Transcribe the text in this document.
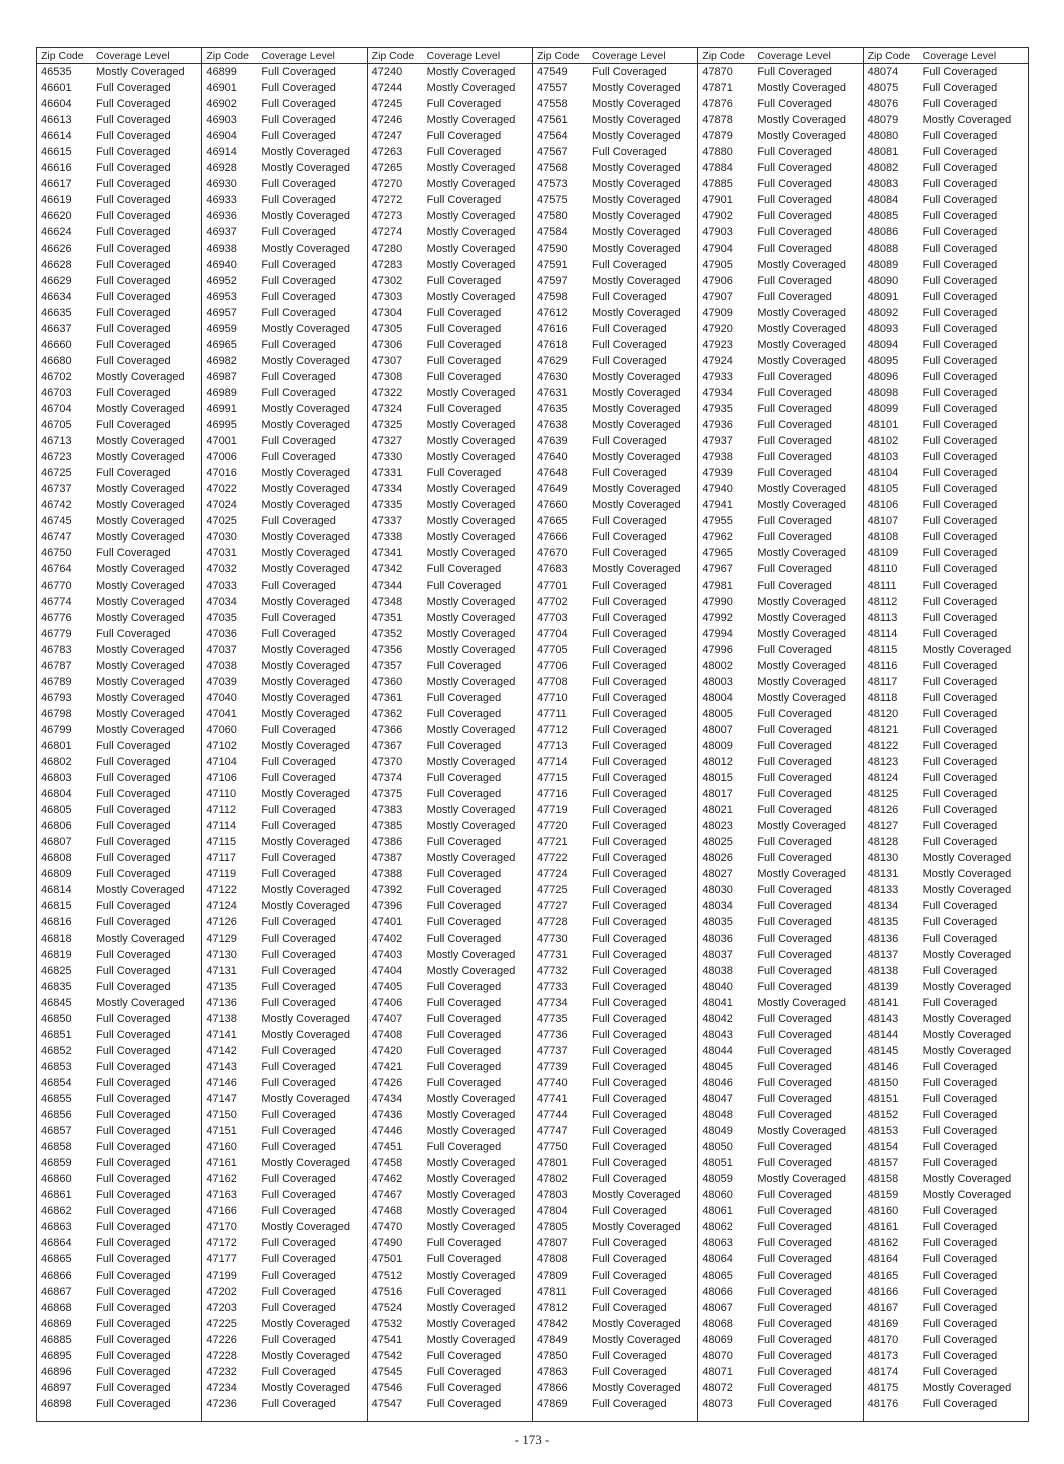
Zip Code	Coverage Level
46535	Mostly Coveraged
46601	Full Coveraged
46604	Full Coveraged
46613	Full Coveraged
46614	Full Coveraged
46615	Full Coveraged
46616	Full Coveraged
46617	Full Coveraged
46619	Full Coveraged
46620	Full Coveraged
46624	Full Coveraged
46626	Full Coveraged
46628	Full Coveraged
46629	Full Coveraged
46634	Full Coveraged
46635	Full Coveraged
46637	Full Coveraged
46660	Full Coveraged
46680	Full Coveraged
46702	Mostly Coveraged
46703	Full Coveraged
46704	Mostly Coveraged
46705	Full Coveraged
46713	Mostly Coveraged
46723	Mostly Coveraged
46725	Full Coveraged
46737	Mostly Coveraged
46742	Mostly Coveraged
46745	Mostly Coveraged
46747	Mostly Coveraged
46750	Full Coveraged
46764	Mostly Coveraged
46770	Mostly Coveraged
46774	Mostly Coveraged
46776	Mostly Coveraged
46779	Full Coveraged
46783	Mostly Coveraged
46787	Mostly Coveraged
46789	Mostly Coveraged
46793	Mostly Coveraged
46798	Mostly Coveraged
46799	Mostly Coveraged
46801	Full Coveraged
46802	Full Coveraged
46803	Full Coveraged
46804	Full Coveraged
46805	Full Coveraged
46806	Full Coveraged
46807	Full Coveraged
46808	Full Coveraged
46809	Full Coveraged
46814	Mostly Coveraged
46815	Full Coveraged
46816	Full Coveraged
46818	Mostly Coveraged
46819	Full Coveraged
46825	Full Coveraged
46835	Full Coveraged
46845	Mostly Coveraged
46850	Full Coveraged
46851	Full Coveraged
46852	Full Coveraged
46853	Full Coveraged
46854	Full Coveraged
46855	Full Coveraged
46856	Full Coveraged
46857	Full Coveraged
46858	Full Coveraged
46859	Full Coveraged
46860	Full Coveraged
46861	Full Coveraged
46862	Full Coveraged
46863	Full Coveraged
46864	Full Coveraged
46865	Full Coveraged
46866	Full Coveraged
46867	Full Coveraged
46868	Full Coveraged
46869	Full Coveraged
46885	Full Coveraged
46895	Full Coveraged
46896	Full Coveraged
46897	Full Coveraged
46898	Full Coveraged
Zip Code	Coverage Level
46899	Full Coveraged
46901	Full Coveraged
46902	Full Coveraged
46903	Full Coveraged
46904	Full Coveraged
46914	Mostly Coveraged
46928	Mostly Coveraged
46930	Full Coveraged
46933	Full Coveraged
46936	Mostly Coveraged
46937	Full Coveraged
46938	Mostly Coveraged
46940	Full Coveraged
46952	Full Coveraged
46953	Full Coveraged
46957	Full Coveraged
46959	Mostly Coveraged
46965	Full Coveraged
46982	Mostly Coveraged
46987	Full Coveraged
46989	Full Coveraged
46991	Mostly Coveraged
46995	Mostly Coveraged
47001	Full Coveraged
47006	Full Coveraged
47016	Mostly Coveraged
47022	Mostly Coveraged
47024	Mostly Coveraged
47025	Full Coveraged
47030	Mostly Coveraged
47031	Mostly Coveraged
47032	Mostly Coveraged
47033	Full Coveraged
47034	Mostly Coveraged
47035	Full Coveraged
47036	Full Coveraged
47037	Mostly Coveraged
47038	Mostly Coveraged
47039	Mostly Coveraged
47040	Mostly Coveraged
47041	Mostly Coveraged
47060	Full Coveraged
47102	Mostly Coveraged
47104	Full Coveraged
47106	Full Coveraged
47110	Mostly Coveraged
47112	Full Coveraged
47114	Full Coveraged
47115	Mostly Coveraged
47117	Full Coveraged
47119	Full Coveraged
47122	Mostly Coveraged
47124	Mostly Coveraged
47126	Full Coveraged
47129	Full Coveraged
47130	Full Coveraged
47131	Full Coveraged
47135	Full Coveraged
47136	Full Coveraged
47138	Mostly Coveraged
47141	Mostly Coveraged
47142	Full Coveraged
47143	Full Coveraged
47146	Full Coveraged
47147	Mostly Coveraged
47150	Full Coveraged
47151	Full Coveraged
47160	Full Coveraged
47161	Mostly Coveraged
47162	Full Coveraged
47163	Full Coveraged
47166	Full Coveraged
47170	Mostly Coveraged
47172	Full Coveraged
47177	Full Coveraged
47199	Full Coveraged
47202	Full Coveraged
47203	Full Coveraged
47225	Mostly Coveraged
47226	Full Coveraged
47228	Mostly Coveraged
47232	Full Coveraged
47234	Mostly Coveraged
47236	Full Coveraged
Zip Code	Coverage Level
47240	Mostly Coveraged
47244	Mostly Coveraged
47245	Full Coveraged
47246	Mostly Coveraged
47247	Full Coveraged
47263	Full Coveraged
47265	Mostly Coveraged
47270	Mostly Coveraged
47272	Full Coveraged
47273	Mostly Coveraged
47274	Mostly Coveraged
47280	Mostly Coveraged
47283	Mostly Coveraged
47302	Full Coveraged
47303	Mostly Coveraged
47304	Full Coveraged
47305	Full Coveraged
47306	Full Coveraged
47307	Full Coveraged
47308	Full Coveraged
47322	Mostly Coveraged
47324	Full Coveraged
47325	Mostly Coveraged
47327	Mostly Coveraged
47330	Mostly Coveraged
47331	Full Coveraged
47334	Mostly Coveraged
47335	Mostly Coveraged
47337	Mostly Coveraged
47338	Mostly Coveraged
47341	Mostly Coveraged
47342	Full Coveraged
47344	Full Coveraged
47348	Mostly Coveraged
47351	Mostly Coveraged
47352	Mostly Coveraged
47356	Mostly Coveraged
47357	Full Coveraged
47360	Mostly Coveraged
47361	Full Coveraged
47362	Full Coveraged
47366	Mostly Coveraged
47367	Full Coveraged
47370	Mostly Coveraged
47374	Full Coveraged
47375	Full Coveraged
47383	Mostly Coveraged
47385	Mostly Coveraged
47386	Full Coveraged
47387	Mostly Coveraged
47388	Full Coveraged
47392	Full Coveraged
47396	Full Coveraged
47401	Full Coveraged
47402	Full Coveraged
47403	Mostly Coveraged
47404	Mostly Coveraged
47405	Full Coveraged
47406	Full Coveraged
47407	Full Coveraged
47408	Full Coveraged
47420	Full Coveraged
47421	Full Coveraged
47426	Full Coveraged
47434	Mostly Coveraged
47436	Mostly Coveraged
47446	Mostly Coveraged
47451	Full Coveraged
47458	Mostly Coveraged
47462	Mostly Coveraged
47467	Mostly Coveraged
47468	Mostly Coveraged
47470	Mostly Coveraged
47490	Full Coveraged
47501	Full Coveraged
47512	Mostly Coveraged
47516	Full Coveraged
47524	Mostly Coveraged
47532	Mostly Coveraged
47541	Mostly Coveraged
47542	Full Coveraged
47545	Full Coveraged
47546	Full Coveraged
47547	Full Coveraged
Zip Code	Coverage Level
47549	Full Coveraged
47557	Mostly Coveraged
47558	Mostly Coveraged
47561	Mostly Coveraged
47564	Mostly Coveraged
47567	Full Coveraged
47568	Mostly Coveraged
47573	Mostly Coveraged
47575	Mostly Coveraged
47580	Mostly Coveraged
47584	Mostly Coveraged
47590	Mostly Coveraged
47591	Full Coveraged
47597	Mostly Coveraged
47598	Full Coveraged
47612	Mostly Coveraged
47616	Full Coveraged
47618	Full Coveraged
47629	Full Coveraged
47630	Mostly Coveraged
47631	Mostly Coveraged
47635	Mostly Coveraged
47638	Mostly Coveraged
47639	Full Coveraged
47640	Mostly Coveraged
47648	Full Coveraged
47649	Mostly Coveraged
47660	Mostly Coveraged
47665	Full Coveraged
47666	Full Coveraged
47670	Full Coveraged
47683	Mostly Coveraged
47701	Full Coveraged
47702	Full Coveraged
47703	Full Coveraged
47704	Full Coveraged
47705	Full Coveraged
47706	Full Coveraged
47708	Full Coveraged
47710	Full Coveraged
47711	Full Coveraged
47712	Full Coveraged
47713	Full Coveraged
47714	Full Coveraged
47715	Full Coveraged
47716	Full Coveraged
47719	Full Coveraged
47720	Full Coveraged
47721	Full Coveraged
47722	Full Coveraged
47724	Full Coveraged
47725	Full Coveraged
47727	Full Coveraged
47728	Full Coveraged
47730	Full Coveraged
47731	Full Coveraged
47732	Full Coveraged
47733	Full Coveraged
47734	Full Coveraged
47735	Full Coveraged
47736	Full Coveraged
47737	Full Coveraged
47739	Full Coveraged
47740	Full Coveraged
47741	Full Coveraged
47744	Full Coveraged
47747	Full Coveraged
47750	Full Coveraged
47801	Full Coveraged
47802	Full Coveraged
47803	Mostly Coveraged
47804	Full Coveraged
47805	Mostly Coveraged
47807	Full Coveraged
47808	Full Coveraged
47809	Full Coveraged
47811	Full Coveraged
47812	Full Coveraged
47842	Mostly Coveraged
47849	Mostly Coveraged
47850	Full Coveraged
47863	Full Coveraged
47866	Mostly Coveraged
47869	Full Coveraged
Zip Code	Coverage Level
47870	Full Coveraged
47871	Mostly Coveraged
47876	Full Coveraged
47878	Mostly Coveraged
47879	Mostly Coveraged
47880	Full Coveraged
47884	Full Coveraged
47885	Full Coveraged
47901	Full Coveraged
47902	Full Coveraged
47903	Full Coveraged
47904	Full Coveraged
47905	Mostly Coveraged
47906	Full Coveraged
47907	Full Coveraged
47909	Mostly Coveraged
47920	Mostly Coveraged
47923	Mostly Coveraged
47924	Mostly Coveraged
47933	Full Coveraged
47934	Full Coveraged
47935	Full Coveraged
47936	Full Coveraged
47937	Full Coveraged
47938	Full Coveraged
47939	Full Coveraged
47940	Mostly Coveraged
47941	Mostly Coveraged
47955	Full Coveraged
47962	Full Coveraged
47965	Mostly Coveraged
47967	Full Coveraged
47981	Full Coveraged
47990	Mostly Coveraged
47992	Mostly Coveraged
47994	Mostly Coveraged
47996	Full Coveraged
48002	Mostly Coveraged
48003	Mostly Coveraged
48004	Mostly Coveraged
48005	Full Coveraged
48007	Full Coveraged
48009	Full Coveraged
48012	Full Coveraged
48015	Full Coveraged
48017	Full Coveraged
48021	Full Coveraged
48023	Mostly Coveraged
48025	Full Coveraged
48026	Full Coveraged
48027	Mostly Coveraged
48030	Full Coveraged
48034	Full Coveraged
48035	Full Coveraged
48036	Full Coveraged
48037	Full Coveraged
48038	Full Coveraged
48040	Full Coveraged
48041	Mostly Coveraged
48042	Full Coveraged
48043	Full Coveraged
48044	Full Coveraged
48045	Full Coveraged
48046	Full Coveraged
48047	Full Coveraged
48048	Full Coveraged
48049	Mostly Coveraged
48050	Full Coveraged
48051	Full Coveraged
48059	Mostly Coveraged
48060	Full Coveraged
48061	Full Coveraged
48062	Full Coveraged
48063	Full Coveraged
48064	Full Coveraged
48065	Full Coveraged
48066	Full Coveraged
48067	Full Coveraged
48068	Full Coveraged
48069	Full Coveraged
48070	Full Coveraged
48071	Full Coveraged
48072	Full Coveraged
48073	Full Coveraged
Zip Code	Coverage Level
48074	Full Coveraged
48075	Full Coveraged
48076	Full Coveraged
48079	Mostly Coveraged
48080	Full Coveraged
48081	Full Coveraged
48082	Full Coveraged
48083	Full Coveraged
48084	Full Coveraged
48085	Full Coveraged
48086	Full Coveraged
48088	Full Coveraged
48089	Full Coveraged
48090	Full Coveraged
48091	Full Coveraged
48092	Full Coveraged
48093	Full Coveraged
48094	Full Coveraged
48095	Full Coveraged
48096	Full Coveraged
48098	Full Coveraged
48099	Full Coveraged
48101	Full Coveraged
48102	Full Coveraged
48103	Full Coveraged
48104	Full Coveraged
48105	Full Coveraged
48106	Full Coveraged
48107	Full Coveraged
48108	Full Coveraged
48109	Full Coveraged
48110	Full Coveraged
48111	Full Coveraged
48112	Full Coveraged
48113	Full Coveraged
48114	Full Coveraged
48115	Mostly Coveraged
48116	Full Coveraged
48117	Full Coveraged
48118	Full Coveraged
48120	Full Coveraged
48121	Full Coveraged
48122	Full Coveraged
48123	Full Coveraged
48124	Full Coveraged
48125	Full Coveraged
48126	Full Coveraged
48127	Full Coveraged
48128	Full Coveraged
48130	Mostly Coveraged
48131	Mostly Coveraged
48133	Mostly Coveraged
48134	Full Coveraged
48135	Full Coveraged
48136	Full Coveraged
48137	Mostly Coveraged
48138	Full Coveraged
48139	Mostly Coveraged
48141	Full Coveraged
48143	Mostly Coveraged
48144	Mostly Coveraged
48145	Mostly Coveraged
48146	Full Coveraged
48150	Full Coveraged
48151	Full Coveraged
48152	Full Coveraged
48153	Full Coveraged
48154	Full Coveraged
48157	Full Coveraged
48158	Mostly Coveraged
48159	Mostly Coveraged
48160	Full Coveraged
48161	Full Coveraged
48162	Full Coveraged
48164	Full Coveraged
48165	Full Coveraged
48166	Full Coveraged
48167	Full Coveraged
48169	Full Coveraged
48170	Full Coveraged
48173	Full Coveraged
48174	Full Coveraged
48175	Mostly Coveraged
48176	Full Coveraged
- 173 -
